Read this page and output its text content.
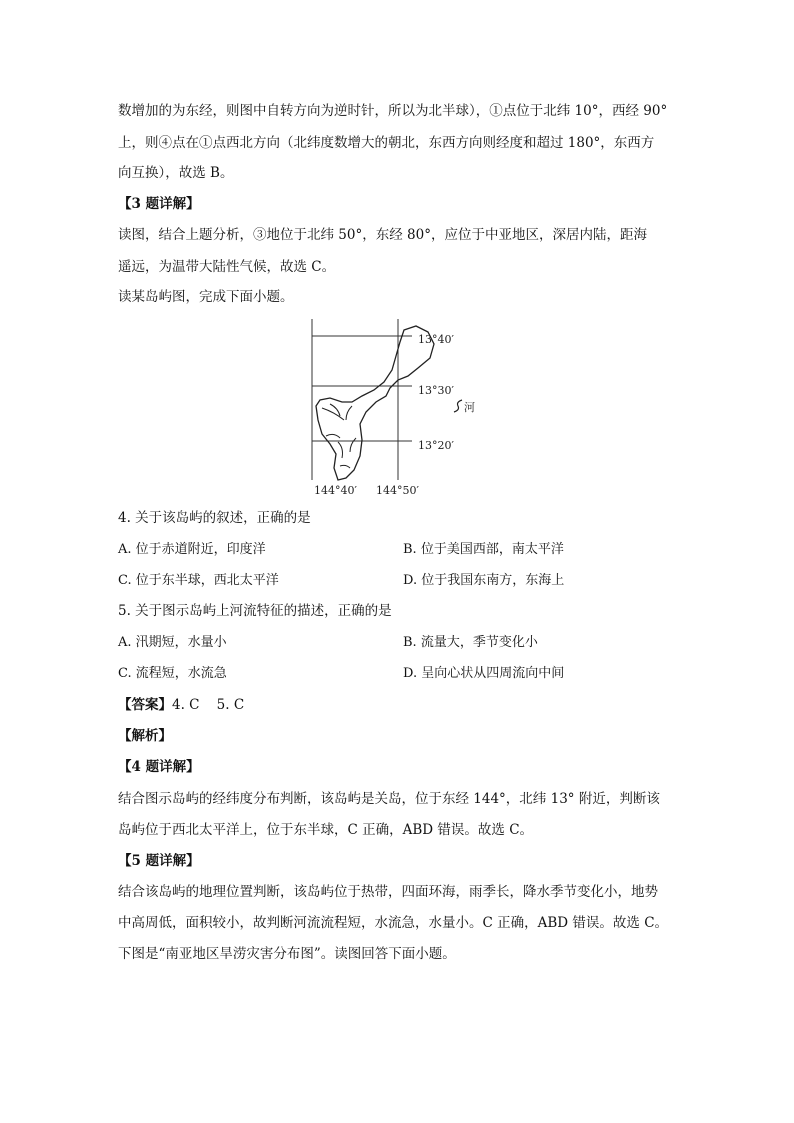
数增加的为东经，则图中自转方向为逆时针，所以为北半球），①点位于北纬 10°，西经 90°
上，则④点在①点西北方向（北纬度数增大的朝北，东西方向则经度和超过 180°，东西方
向互换），故选 B。
【3 题详解】
读图，结合上题分析，③地位于北纬 50°，东经 80°，应位于中亚地区，深居内陆，距海
遥远，为温带大陆性气候，故选 C。
读某岛屿图，完成下面小题。
13°40′
13°30′
13°20′
144°40′ 144°50′
河
4. 关于该岛屿的叙述，正确的是
A. 位于赤道附近，印度洋	B. 位于美国西部，南太平洋
C. 位于东半球，西北太平洋	D. 位于我国东南方，东海上
5. 关于图示岛屿上河流特征的描述，正确的是
A. 汛期短，水量小	B. 流量大，季节变化小
C. 流程短，水流急	D. 呈向心状从四周流向中间
【答案】4. C    5. C
【解析】
【4 题详解】
结合图示岛屿的经纬度分布判断，该岛屿是关岛，位于东经 144°，北纬 13° 附近，判断该
岛屿位于西北太平洋上，位于东半球，C 正确，ABD 错误。故选 C。
【5 题详解】
结合该岛屿的地理位置判断，该岛屿位于热带，四面环海，雨季长，降水季节变化小，地势
中高周低，面积较小，故判断河流流程短，水流急，水量小。C 正确，ABD 错误。故选 C。
下图是“南亚地区旱涝灾害分布图”。读图回答下面小题。
